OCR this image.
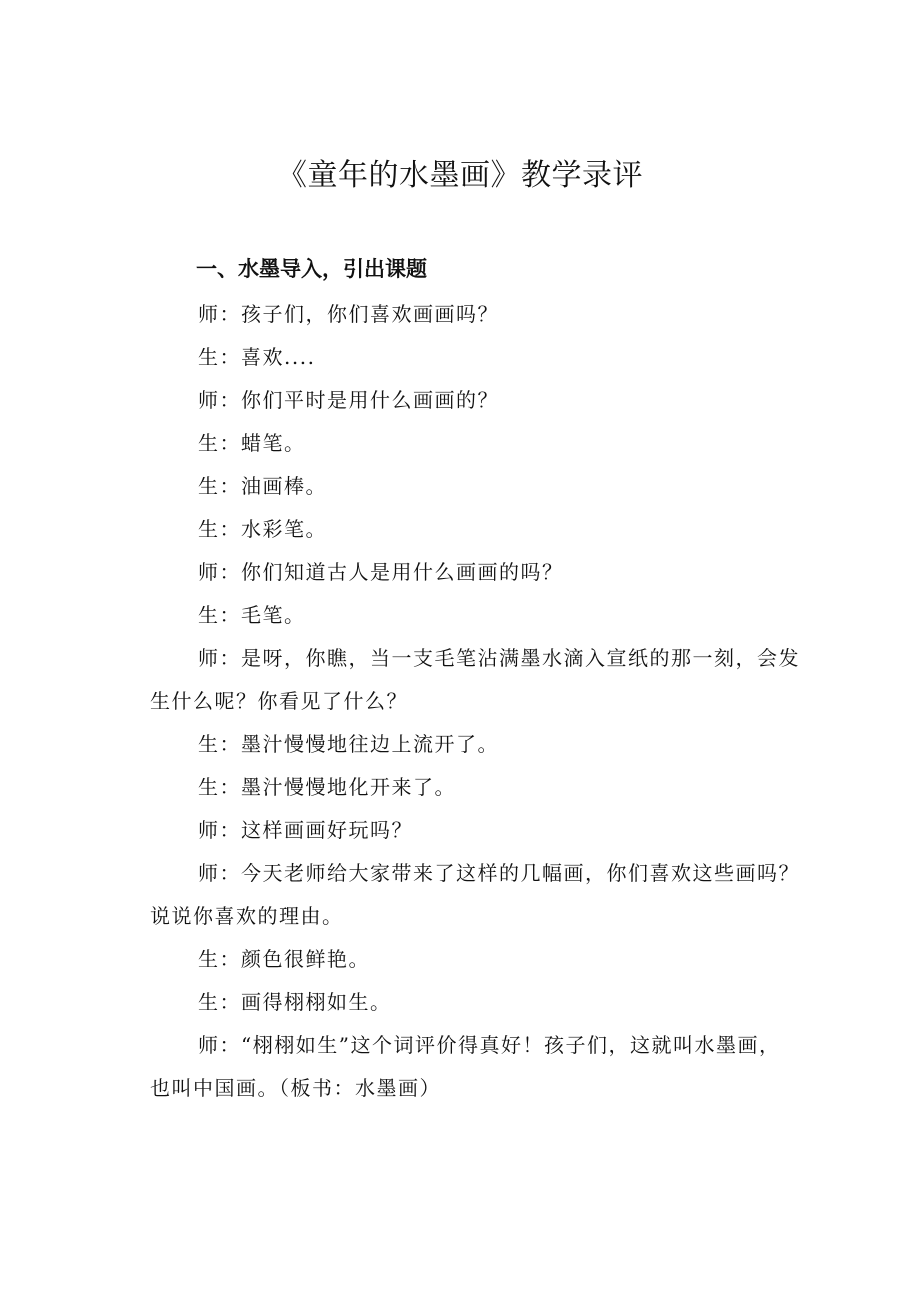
《童年的水墨画》教学录评
一、水墨导入，引出课题

师：孩子们，你们喜欢画画吗？

生：喜欢....

师：你们平时是用什么画画的？

生：蜡笔。

生：油画棒。

生：水彩笔。

师：你们知道古人是用什么画画的吗？

生：毛笔。

师：是呀，你瞧，当一支毛笔沾满墨水滴入宣纸的那一刻，会发生什么呢？你看见了什么？

生：墨汁慢慢地往边上流开了。

生：墨汁慢慢地化开来了。

师：这样画画好玩吗？

师：今天老师给大家带来了这样的几幅画，你们喜欢这些画吗？说说你喜欢的理由。

生：颜色很鲜艳。

生：画得栩栩如生。

师：“栩栩如生”这个词评价得真好！孩子们，这就叫水墨画，也叫中国画。（板书：水墨画）
